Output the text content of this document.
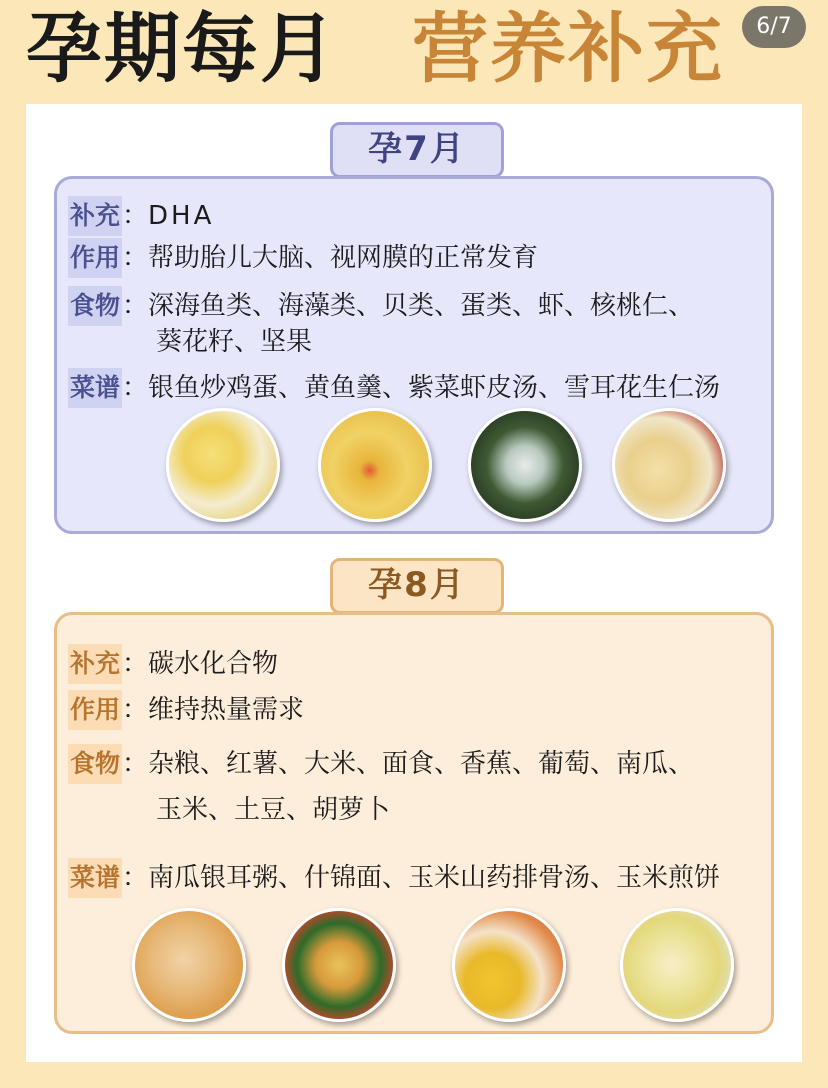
孕期每月 营养补充	6/7
孕7月
补充：DHA
作用：帮助胎儿大脑、视网膜的正常发育
食物：深海鱼类、海藻类、贝类、蛋类、虾、核桃仁、
葵花籽、坚果
菜谱：银鱼炒鸡蛋、黄鱼羹、紫菜虾皮汤、雪耳花生仁汤
孕8月
补充：碳水化合物
作用：维持热量需求
食物：杂粮、红薯、大米、面食、香蕉、葡萄、南瓜、
玉米、土豆、胡萝卜
菜谱：南瓜银耳粥、什锦面、玉米山药排骨汤、玉米煎饼
